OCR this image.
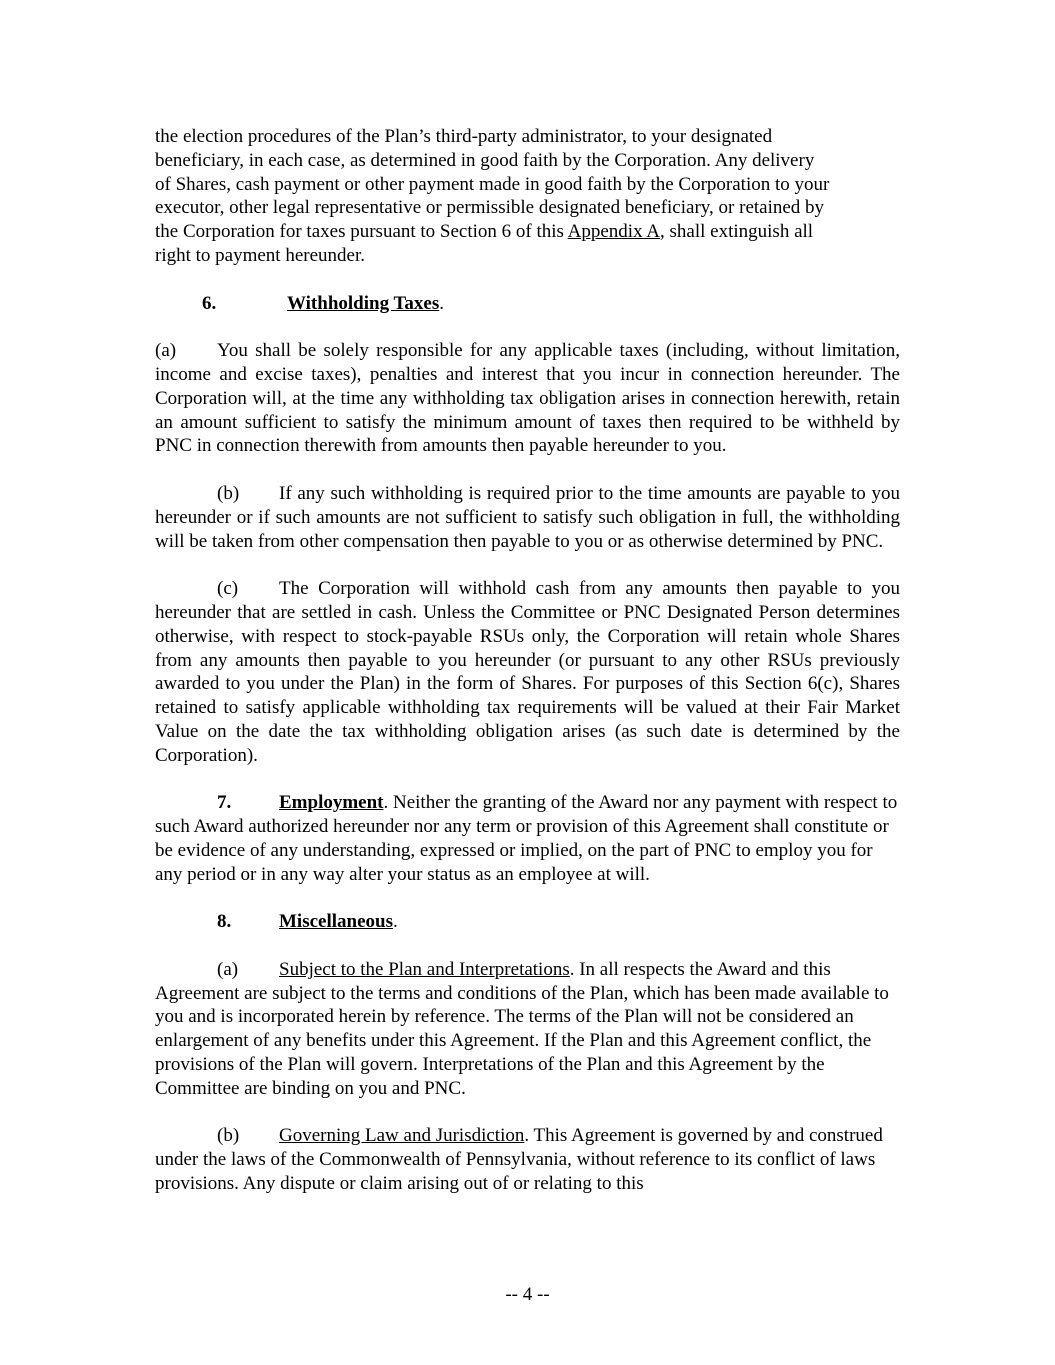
the election procedures of the Plan’s third-party administrator, to your designated

beneficiary, in each case, as determined in good faith by the Corporation. Any delivery

of Shares, cash payment or other payment made in good faith by the Corporation to your

executor, other legal representative or permissible designated beneficiary, or retained by

the Corporation for taxes pursuant to Section 6 of this Appendix A, shall extinguish all

right to payment hereunder.

6.	Withholding Taxes.

(a) You shall be solely responsible for any applicable taxes (including, without limitation, income and excise taxes), penalties and interest that you incur in connection hereunder. The Corporation will, at the time any withholding tax obligation arises in connection herewith, retain an amount sufficient to satisfy the minimum amount of taxes then required to be withheld by PNC in connection therewith from amounts then payable hereunder to you.

(b) If any such withholding is required prior to the time amounts are payable to you hereunder or if such amounts are not sufficient to satisfy such obligation in full, the withholding will be taken from other compensation then payable to you or as otherwise determined by PNC.

(c) The Corporation will withhold cash from any amounts then payable to you hereunder that are settled in cash. Unless the Committee or PNC Designated Person determines otherwise, with respect to stock-payable RSUs only, the Corporation will retain whole Shares from any amounts then payable to you hereunder (or pursuant to any other RSUs previously awarded to you under the Plan) in the form of Shares. For purposes of this Section 6(c), Shares retained to satisfy applicable withholding tax requirements will be valued at their Fair Market Value on the date the tax withholding obligation arises (as such date is determined by the Corporation).

7.	Employment. Neither the granting of the Award nor any payment with respect to such Award authorized hereunder nor any term or provision of this Agreement shall constitute or be evidence of any understanding, expressed or implied, on the part of PNC to employ you for any period or in any way alter your status as an employee at will.

8.	Miscellaneous.

(a) Subject to the Plan and Interpretations. In all respects the Award and this Agreement are subject to the terms and conditions of the Plan, which has been made available to you and is incorporated herein by reference. The terms of the Plan will not be considered an enlargement of any benefits under this Agreement. If the Plan and this Agreement conflict, the provisions of the Plan will govern. Interpretations of the Plan and this Agreement by the Committee are binding on you and PNC.

(b) Governing Law and Jurisdiction. This Agreement is governed by and construed under the laws of the Commonwealth of Pennsylvania, without reference to its conflict of laws provisions. Any dispute or claim arising out of or relating to this

-- 4 --
